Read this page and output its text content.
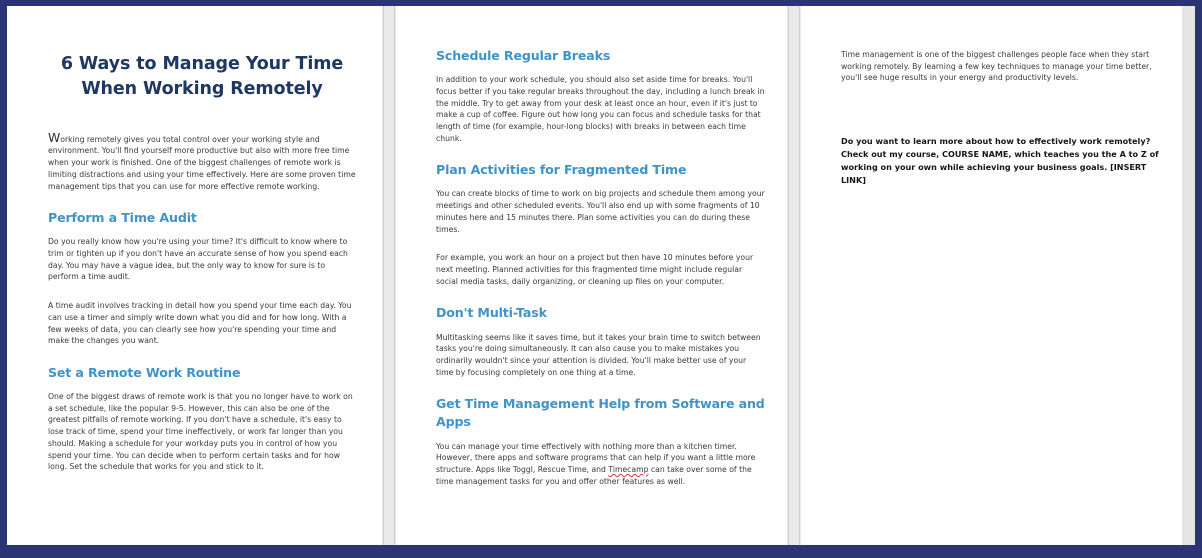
6 Ways to Manage Your Time
When Working Remotely

Working remotely gives you total control over your working style and environment. You'll find yourself more productive but also with more free time when your work is finished. One of the biggest challenges of remote work is limiting distractions and using your time effectively. Here are some proven time management tips that you can use for more effective remote working.

Perform a Time Audit

Do you really know how you're using your time? It's difficult to know where to trim or tighten up if you don't have an accurate sense of how you spend each day. You may have a vague idea, but the only way to know for sure is to perform a time audit.

A time audit involves tracking in detail how you spend your time each day. You can use a timer and simply write down what you did and for how long. With a few weeks of data, you can clearly see how you're spending your time and make the changes you want.

Set a Remote Work Routine

One of the biggest draws of remote work is that you no longer have to work on a set schedule, like the popular 9-5. However, this can also be one of the greatest pitfalls of remote working. If you don't have a schedule, it's easy to lose track of time, spend your time ineffectively, or work far longer than you should. Making a schedule for your workday puts you in control of how you spend your time. You can decide when to perform certain tasks and for how long. Set the schedule that works for you and stick to it.

Schedule Regular Breaks

In addition to your work schedule, you should also set aside time for breaks. You'll focus better if you take regular breaks throughout the day, including a lunch break in the middle. Try to get away from your desk at least once an hour, even if it's just to make a cup of coffee. Figure out how long you can focus and schedule tasks for that length of time (for example, hour-long blocks) with breaks in between each time chunk.

Plan Activities for Fragmented Time

You can create blocks of time to work on big projects and schedule them among your meetings and other scheduled events. You'll also end up with some fragments of 10 minutes here and 15 minutes there. Plan some activities you can do during these times.

For example, you work an hour on a project but then have 10 minutes before your next meeting. Planned activities for this fragmented time might include regular social media tasks, daily organizing, or cleaning up files on your computer.

Don't Multi-Task

Multitasking seems like it saves time, but it takes your brain time to switch between tasks you're doing simultaneously. It can also cause you to make mistakes you ordinarily wouldn't since your attention is divided. You'll make better use of your time by focusing completely on one thing at a time.

Get Time Management Help from Software and Apps

You can manage your time effectively with nothing more than a kitchen timer. However, there apps and software programs that can help if you want a little more structure. Apps like Toggl, Rescue Time, and Timecamp can take over some of the time management tasks for you and offer other features as well.

Time management is one of the biggest challenges people face when they start working remotely. By learning a few key techniques to manage your time better, you'll see huge results in your energy and productivity levels.

Do you want to learn more about how to effectively work remotely? Check out my course, COURSE NAME, which teaches you the A to Z of working on your own while achieving your business goals. [INSERT LINK]
